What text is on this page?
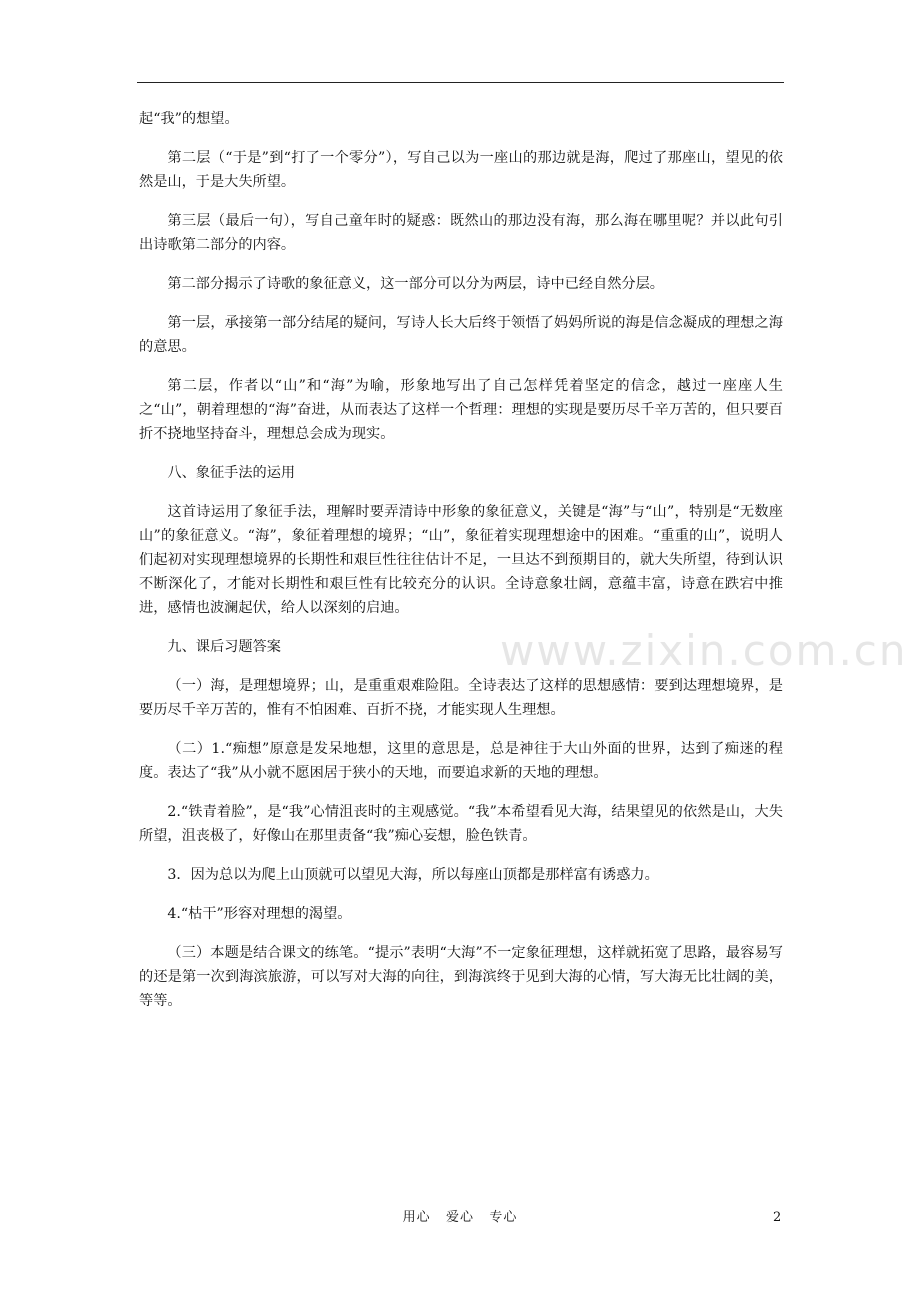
起“我”的想望。

第二层（“于是”到“打了一个零分”），写自己以为一座山的那边就是海，爬过了那座山，望见的依然是山，于是大失所望。

第三层（最后一句），写自己童年时的疑惑：既然山的那边没有海，那么海在哪里呢？并以此句引出诗歌第二部分的内容。

第二部分揭示了诗歌的象征意义，这一部分可以分为两层，诗中已经自然分层。

第一层，承接第一部分结尾的疑问，写诗人长大后终于领悟了妈妈所说的海是信念凝成的理想之海的意思。

第二层，作者以“山”和“海”为喻，形象地写出了自己怎样凭着坚定的信念，越过一座座人生之“山”，朝着理想的“海”奋进，从而表达了这样一个哲理：理想的实现是要历尽千辛万苦的，但只要百折不挠地坚持奋斗，理想总会成为现实。

八、象征手法的运用

这首诗运用了象征手法，理解时要弄清诗中形象的象征意义，关键是“海”与“山”，特别是“无数座山”的象征意义。“海”，象征着理想的境界；“山”，象征着实现理想途中的困难。“重重的山”，说明人们起初对实现理想境界的长期性和艰巨性往往估计不足，一旦达不到预期目的，就大失所望，待到认识不断深化了，才能对长期性和艰巨性有比较充分的认识。全诗意象壮阔，意蕴丰富，诗意在跌宕中推进，感情也波澜起伏，给人以深刻的启迪。

九、课后习题答案

（一）海，是理想境界；山，是重重艰难险阻。全诗表达了这样的思想感情：要到达理想境界，是要历尽千辛万苦的，惟有不怕困难、百折不挠，才能实现人生理想。

（二）1.“痴想”原意是发呆地想，这里的意思是，总是神往于大山外面的世界，达到了痴迷的程度。表达了“我”从小就不愿困居于狭小的天地，而要追求新的天地的理想。

2.“铁青着脸”，是“我”心情沮丧时的主观感觉。“我”本希望看见大海，结果望见的依然是山，大失所望，沮丧极了，好像山在那里责备“我”痴心妄想，脸色铁青。

3．因为总以为爬上山顶就可以望见大海，所以每座山顶都是那样富有诱惑力。

4.“枯干”形容对理想的渴望。

（三）本题是结合课文的练笔。“提示”表明“大海”不一定象征理想，这样就拓宽了思路，最容易写的还是第一次到海滨旅游，可以写对大海的向往，到海滨终于见到大海的心情，写大海无比壮阔的美，等等。

www.zixin.com.cn
用心   爱心   专心	2
